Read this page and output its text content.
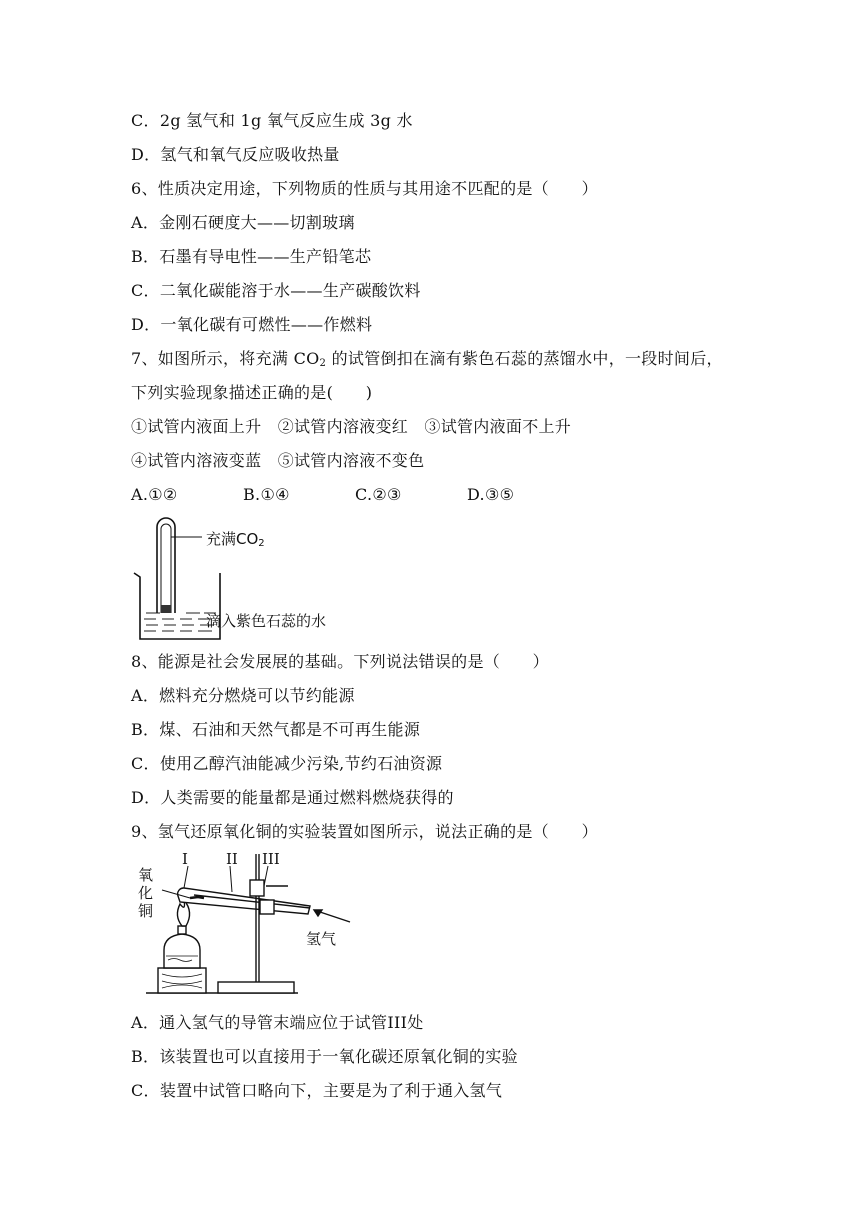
C．2g 氢气和 1g 氧气反应生成 3g 水
D．氢气和氧气反应吸收热量
6、性质决定用途，下列物质的性质与其用途不匹配的是（　　）
A．金刚石硬度大——切割玻璃
B．石墨有导电性——生产铅笔芯
C．二氧化碳能溶于水——生产碳酸饮料
D．一氧化碳有可燃性——作燃料
7、如图所示，将充满 $CO_2$ 的试管倒扣在滴有紫色石蕊的蒸馏水中，一段时间后，
下列实验现象描述正确的是(　　)
①试管内液面上升　②试管内溶液变红　③试管内液面不上升
④试管内溶液变蓝　⑤试管内溶液不变色
A.①②	B.①④	C.②③	D.③⑤
充满$CO_2$
滴入紫色石蕊的水
8、能源是社会发展展的基础。下列说法错误的是（　　）
A．燃料充分燃烧可以节约能源
B．煤、石油和天然气都是不可再生能源
C．使用乙醇汽油能减少污染,节约石油资源
D．人类需要的能量都是通过燃料燃烧获得的
9、氢气还原氧化铜的实验装置如图所示，说法正确的是（　　）
I	II III
氧
化
铜
氢气
A．通入氢气的导管末端应位于试管III处
B．该装置也可以直接用于一氧化碳还原氧化铜的实验
C．装置中试管口略向下，主要是为了利于通入氢气
